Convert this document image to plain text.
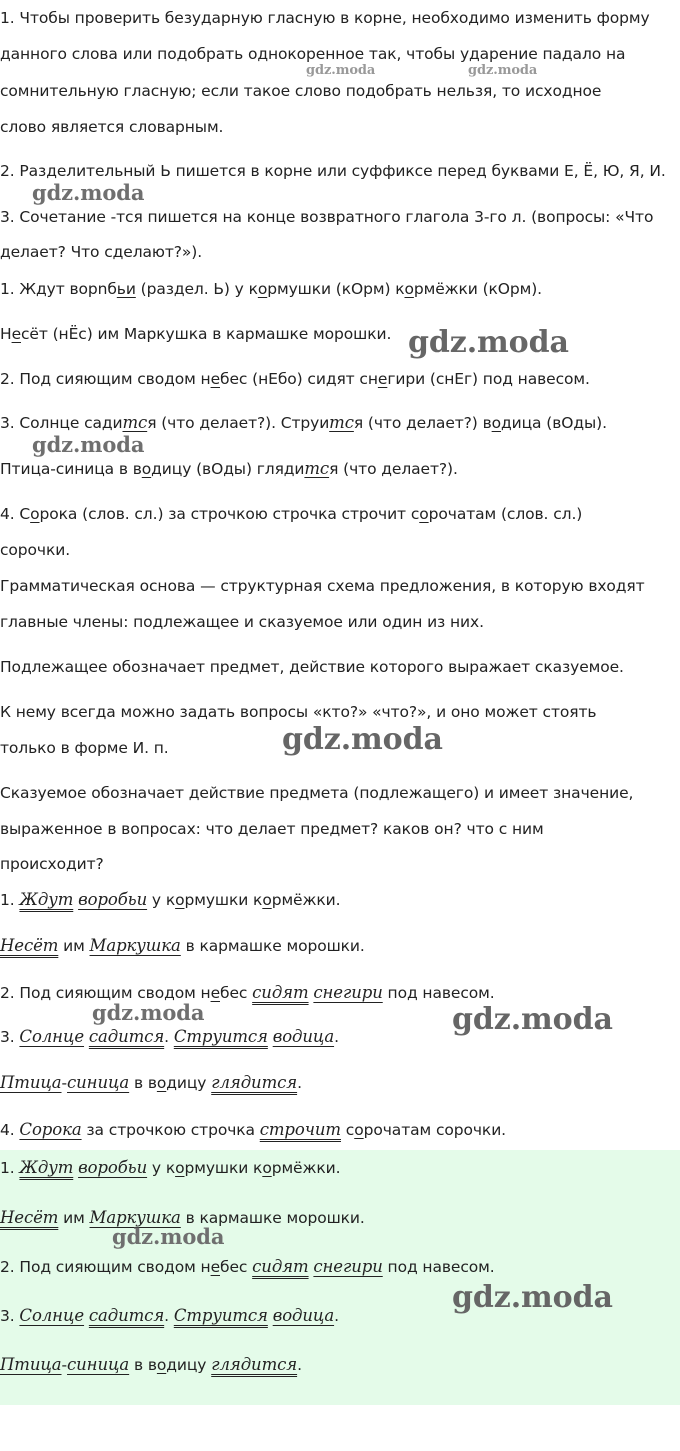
1. Чтобы проверить безударную гласную в корне, необходимо изменить форму
данного слова или подобрать однокоренное так, чтобы ударение падало на
сомнительную гласную; если такое слово подобрать нельзя, то исходное
слово является словарным.
2. Разделительный Ь пишется в корне или суффиксе перед буквами Е, Ё, Ю, Я, И.
3. Сочетание -тся пишется на конце возвратного глагола 3-го л. (вопросы: «Что
делает? Что сделают?»).
1. Ждут ворոбьи (раздел. Ь) у кормушки (кОрм) кормёжки (кОрм).
Несёт (нЁс) им Маркушка в кармашке морошки.
2. Под сияющим сводом небес (нЕбо) сидят снегири (снЕг) под навесом.
3. Солнце садится (что делает?). Струится (что делает?) водица (вОды).
Птица-синица в водицу (вОды) глядится (что делает?).
4. Сорока (слов. сл.) за строчкою строчка строчит сорочатам (слов. сл.)
сорочки.
Грамматическая основа — структурная схема предложения, в которую входят
главные члены: подлежащее и сказуемое или один из них.
Подлежащее обозначает предмет, действие которого выражает сказуемое.
К нему всегда можно задать вопросы «кто?» «что?», и оно может стоять
только в форме И. п.
Сказуемое обозначает действие предмета (подлежащего) и имеет значение,
выраженное в вопросах: что делает предмет? каков он? что с ним
происходит?
1. Ждут воробьи у кормушки кормёжки.
Несёт им Маркушка в кармашке морошки.
2. Под сияющим сводом небес сидят снегири под навесом.
3. Солнце садится. Струится водица.
Птица-синица в водицу глядится.
4. Сорока за строчкою строчка строчит сорочатам сорочки.
1. Ждут воробьи у кормушки кормёжки.
Несёт им Маркушка в кармашке морошки.
2. Под сияющим сводом небес сидят снегири под навесом.
3. Солнце садится. Струится водица.
Птица-синица в водицу глядится.
gdz.moda	gdz.moda
gdz.moda
gdz.moda
gdz.moda
gdz.moda
gdz.moda	gdz.moda
gdz.moda
gdz.moda
